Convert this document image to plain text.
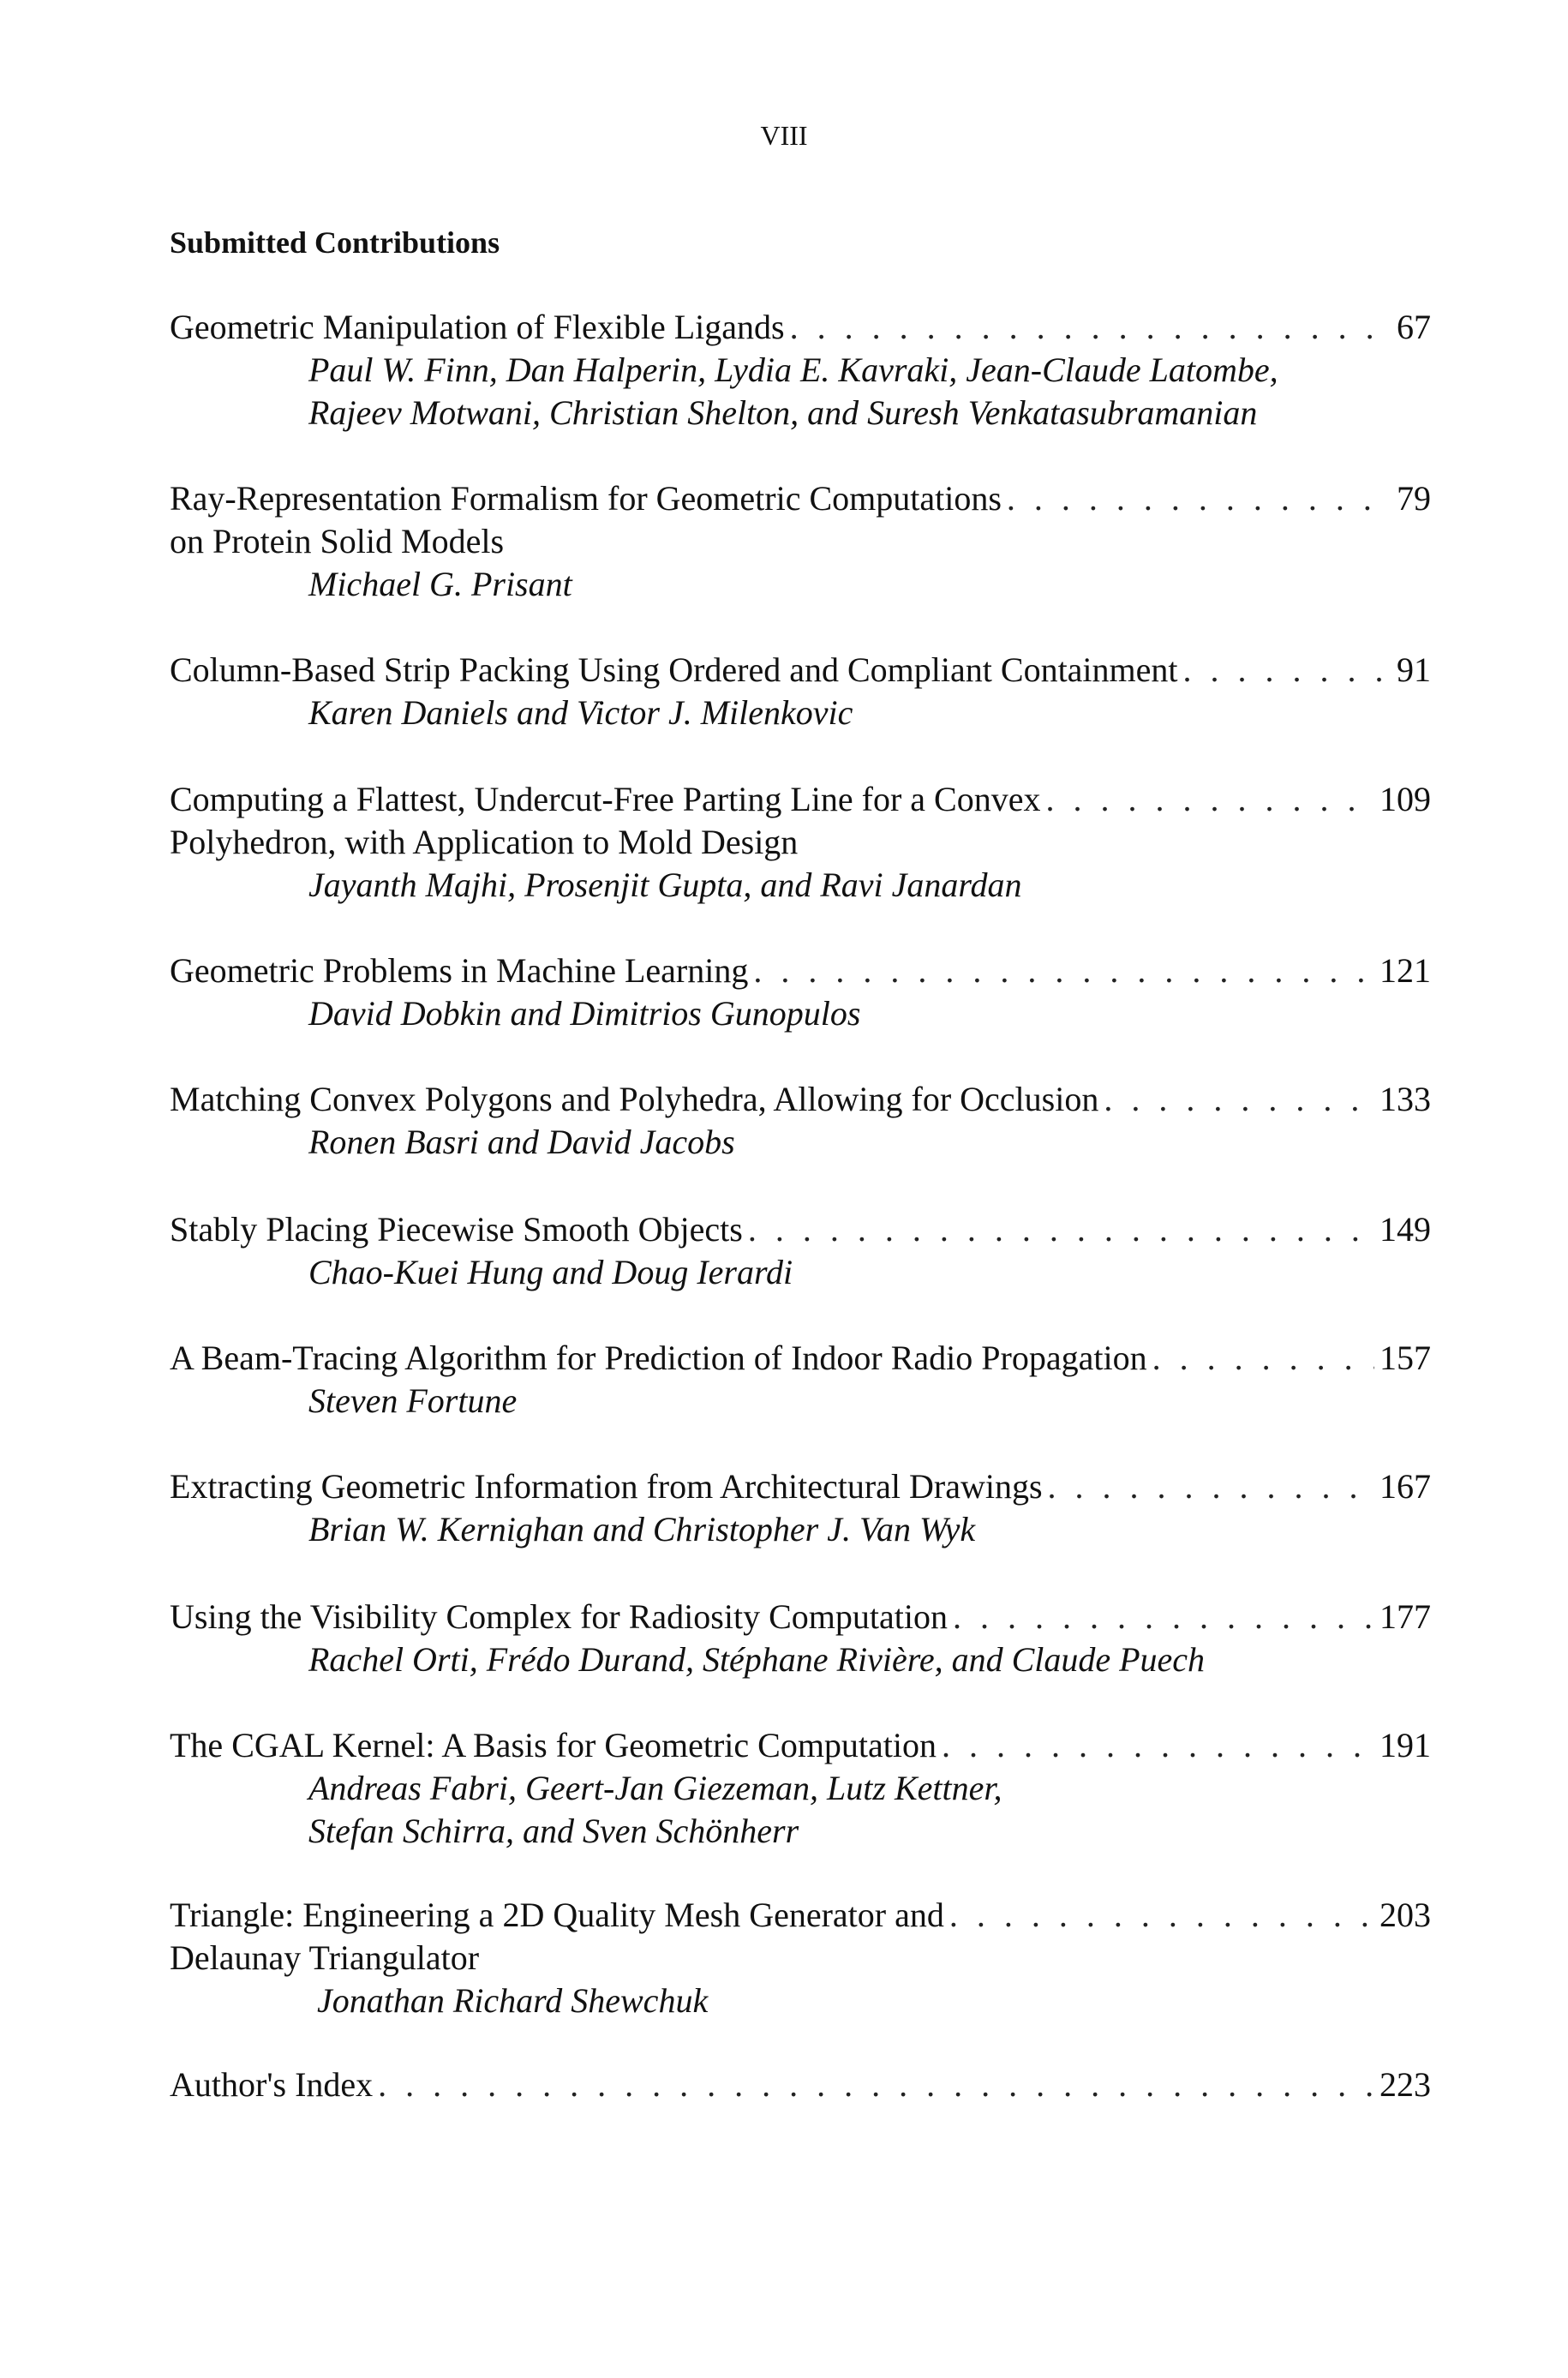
VIII
Submitted Contributions
Geometric Manipulation of Flexible Ligands . . .	67
Paul W. Finn, Dan Halperin, Lydia E. Kavraki, Jean-Claude Latombe,
Rajeev Motwani, Christian Shelton, and Suresh Venkatasubramanian
Ray-Representation Formalism for Geometric Computations . . .	79
on Protein Solid Models
Michael G. Prisant
Column-Based Strip Packing Using Ordered and Compliant Containment . . .	91
Karen Daniels and Victor J. Milenkovic
Computing a Flattest, Undercut-Free Parting Line for a Convex . . .	109
Polyhedron, with Application to Mold Design
Jayanth Majhi, Prosenjit Gupta, and Ravi Janardan
Geometric Problems in Machine Learning . . .	121
David Dobkin and Dimitrios Gunopulos
Matching Convex Polygons and Polyhedra, Allowing for Occlusion . . .	133
Ronen Basri and David Jacobs
Stably Placing Piecewise Smooth Objects . . .	149
Chao-Kuei Hung and Doug Ierardi
A Beam-Tracing Algorithm for Prediction of Indoor Radio Propagation . . .	157
Steven Fortune
Extracting Geometric Information from Architectural Drawings . . .	167
Brian W. Kernighan and Christopher J. Van Wyk
Using the Visibility Complex for Radiosity Computation . . .	177
Rachel Orti, Frédo Durand, Stéphane Rivière, and Claude Puech
The CGAL Kernel: A Basis for Geometric Computation . . .	191
Andreas Fabri, Geert-Jan Giezeman, Lutz Kettner,
Stefan Schirra, and Sven Schönherr
Triangle: Engineering a 2D Quality Mesh Generator and . . .	203
Delaunay Triangulator
Jonathan Richard Shewchuk
Author's Index . . .	223
